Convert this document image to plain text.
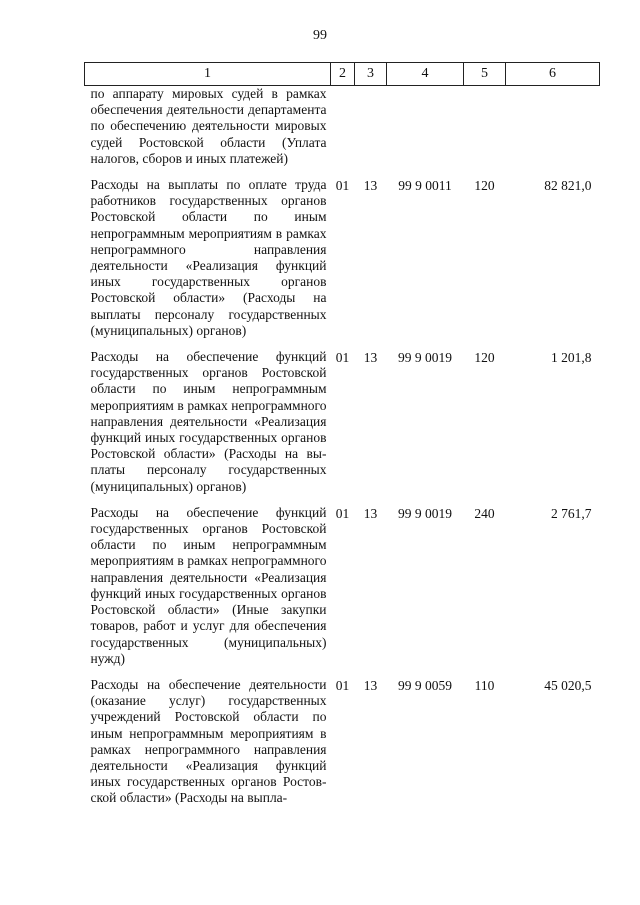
99
1	2	3	4	5	6
по аппарату мировых судей в рамках обеспечения деятельности департамента по обеспечению деятельности мировых судей Ростовской области (Уплата налогов, сборов и иных платежей)					
Расходы на выплаты по оплате труда работников государственных органов Ростовской области по иным непрограммным мероприятиям в рамках непрограммного направления деятельности «Реализация функций иных государственных органов Ростовской области» (Расходы на выплаты персоналу государственных (муниципальных) органов)	01	13	99 9 0011	120	82 821,0
Расходы на обеспечение функций государственных органов Ростовской области по иным непрограммным мероприятиям в рамках непрограммного направления деятельности «Реализация функций иных государственных органов Ростовской области» (Расходы на выплаты персоналу государственных (муниципальных) органов)	01	13	99 9 0019	120	1 201,8
Расходы на обеспечение функций государственных органов Ростовской области по иным непрограммным мероприятиям в рамках непрограммного направления деятельности «Реализация функций иных государственных органов Ростовской области» (Иные закупки товаров, работ и услуг для обеспечения государственных (муниципальных) нужд)	01	13	99 9 0019	240	2 761,7
Расходы на обеспечение деятельности (оказание услуг) государственных учреждений Ростовской области по иным непрограммным мероприятиям в рамках непрограммного направления деятельности «Реализация функций иных государственных органов Ростовской области» (Расходы на выпла-	01	13	99 9 0059	110	45 020,5
